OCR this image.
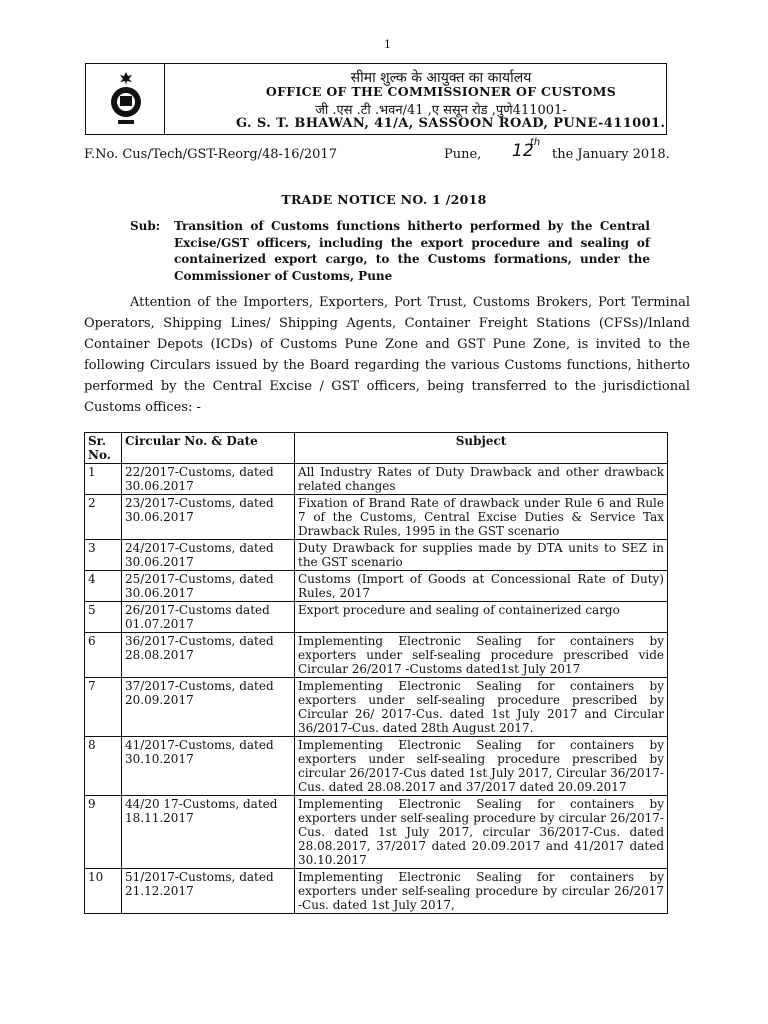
1
सीमा शुल्क के आयुक्त का कार्यालय
OFFICE OF THE COMMISSIONER OF CUSTOMS
जी .एस .टी .भवन/41 ,ए ससून रोड ,पुणे411001-
G. S. T. BHAWAN, 41/A, SASSOON ROAD, PUNE-411001.
F.No. Cus/Tech/GST-Reorg/48-16/2017	Pune, 12
th
the January 2018.
TRADE NOTICE NO. 1 /2018
Sub: Transition of Customs functions hitherto performed by the Central Excise/GST officers, including the export procedure and sealing of containerized export cargo, to the Customs formations, under the Commissioner of Customs, Pune

Attention of the Importers, Exporters, Port Trust, Customs Brokers, Port Terminal Operators, Shipping Lines/ Shipping Agents, Container Freight Stations (CFSs)/Inland Container Depots (ICDs) of Customs Pune Zone and GST Pune Zone, is invited to the following Circulars issued by the Board regarding the various Customs functions, hitherto performed by the Central Excise / GST officers, being transferred to the jurisdictional Customs offices: -

Sr. No.	Circular No. & Date	Subject
1	22/2017-Customs, dated 30.06.2017	All Industry Rates of Duty Drawback and other drawback related changes
2	23/2017-Customs, dated 30.06.2017	Fixation of Brand Rate of drawback under Rule 6 and Rule 7 of the Customs, Central Excise Duties & Service Tax Drawback Rules, 1995 in the GST scenario
3	24/2017-Customs, dated 30.06.2017	Duty Drawback for supplies made by DTA units to SEZ in the GST scenario
4	25/2017-Customs, dated 30.06.2017	Customs (Import of Goods at Concessional Rate of Duty) Rules, 2017
5	26/2017-Customs dated 01.07.2017	Export procedure and sealing of containerized cargo
6	36/2017-Customs, dated 28.08.2017	Implementing Electronic Sealing for containers by exporters under self-sealing procedure prescribed vide Circular 26/2017 -Customs dated1st July 2017
7	37/2017-Customs, dated 20.09.2017	Implementing Electronic Sealing for containers by exporters under self-sealing procedure prescribed by Circular 26/ 2017-Cus. dated 1st July 2017 and Circular 36/2017-Cus. dated 28th August 2017.
8	41/2017-Customs, dated 30.10.2017	Implementing Electronic Sealing for containers by exporters under self-sealing procedure prescribed by circular 26/2017-Cus dated 1st July 2017, Circular 36/2017-Cus. dated 28.08.2017 and 37/2017 dated 20.09.2017
9	44/20 17-Customs, dated 18.11.2017	Implementing Electronic Sealing for containers by exporters under self-sealing procedure by circular 26/2017-Cus. dated 1st July 2017, circular 36/2017-Cus. dated 28.08.2017, 37/2017 dated 20.09.2017 and 41/2017 dated 30.10.2017
10	51/2017-Customs, dated 21.12.2017	Implementing Electronic Sealing for containers by exporters under self-sealing procedure by circular 26/2017 -Cus. dated 1st July 2017,
